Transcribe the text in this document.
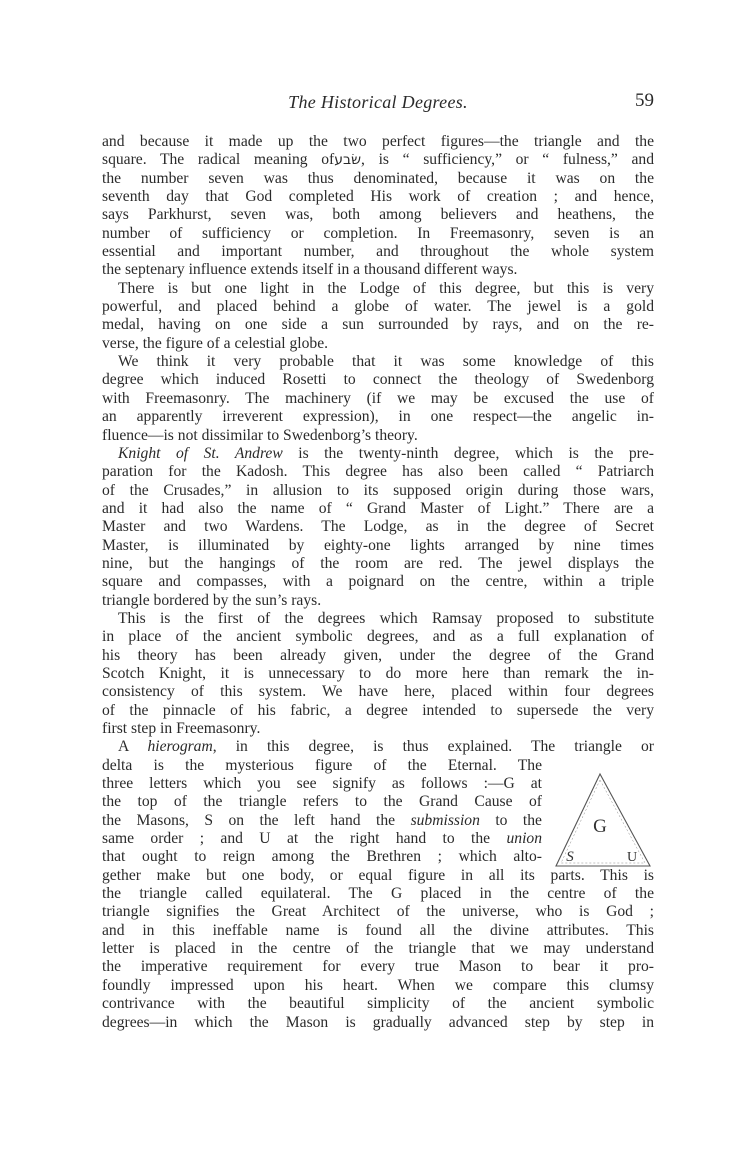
The Historical Degrees.	59

and because it made up the two perfect figures—the triangle and the

square. The radical meaning ofשׂבע, is “ sufficiency,” or “ fulness,” and

the number seven was thus denominated, because it was on the

seventh day that God completed His work of creation ; and hence,

says Parkhurst, seven was, both among believers and heathens, the

number of sufficiency or completion. In Freemasonry, seven is an

essential and important number, and throughout the whole system

the septenary influence extends itself in a thousand different ways.

There is but one light in the Lodge of this degree, but this is very

powerful, and placed behind a globe of water. The jewel is a gold

medal, having on one side a sun surrounded by rays, and on the re-

verse, the figure of a celestial globe.

We think it very probable that it was some knowledge of this

degree which induced Rosetti to connect the theology of Swedenborg

with Freemasonry. The machinery (if we may be excused the use of

an apparently irreverent expression), in one respect—the angelic in-

fluence—is not dissimilar to Swedenborg’s theory.

Knight of St. Andrew is the twenty-ninth degree, which is the pre-

paration for the Kadosh. This degree has also been called “ Patriarch

of the Crusades,” in allusion to its supposed origin during those wars,

and it had also the name of “ Grand Master of Light.” There are a

Master and two Wardens. The Lodge, as in the degree of Secret

Master, is illuminated by eighty-one lights arranged by nine times

nine, but the hangings of the room are red. The jewel displays the

square and compasses, with a poignard on the centre, within a triple

triangle bordered by the sun’s rays.

This is the first of the degrees which Ramsay proposed to substitute

in place of the ancient symbolic degrees, and as a full explanation of

his theory has been already given, under the degree of the Grand

Scotch Knight, it is unnecessary to do more here than remark the in-

consistency of this system. We have here, placed within four degrees

of the pinnacle of his fabric, a degree intended to supersede the very

first step in Freemasonry.

A hierogram, in this degree, is thus explained. The triangle or

delta is the mysterious figure of the Eternal. The

three letters which you see signify as follows :—G at

the top of the triangle refers to the Grand Cause of

the Masons, S on the left hand the submission to the

same order ; and U at the right hand to the union

that ought to reign among the Brethren ; which alto-

gether make but one body, or equal figure in all its parts. This is

the triangle called equilateral. The G placed in the centre of the

triangle signifies the Great Architect of the universe, who is God ;

and in this ineffable name is found all the divine attributes. This

letter is placed in the centre of the triangle that we may understand

the imperative requirement for every true Mason to bear it pro-

foundly impressed upon his heart. When we compare this clumsy

contrivance with the beautiful simplicity of the ancient symbolic

degrees—in which the Mason is gradually advanced step by step in

G
S	U
